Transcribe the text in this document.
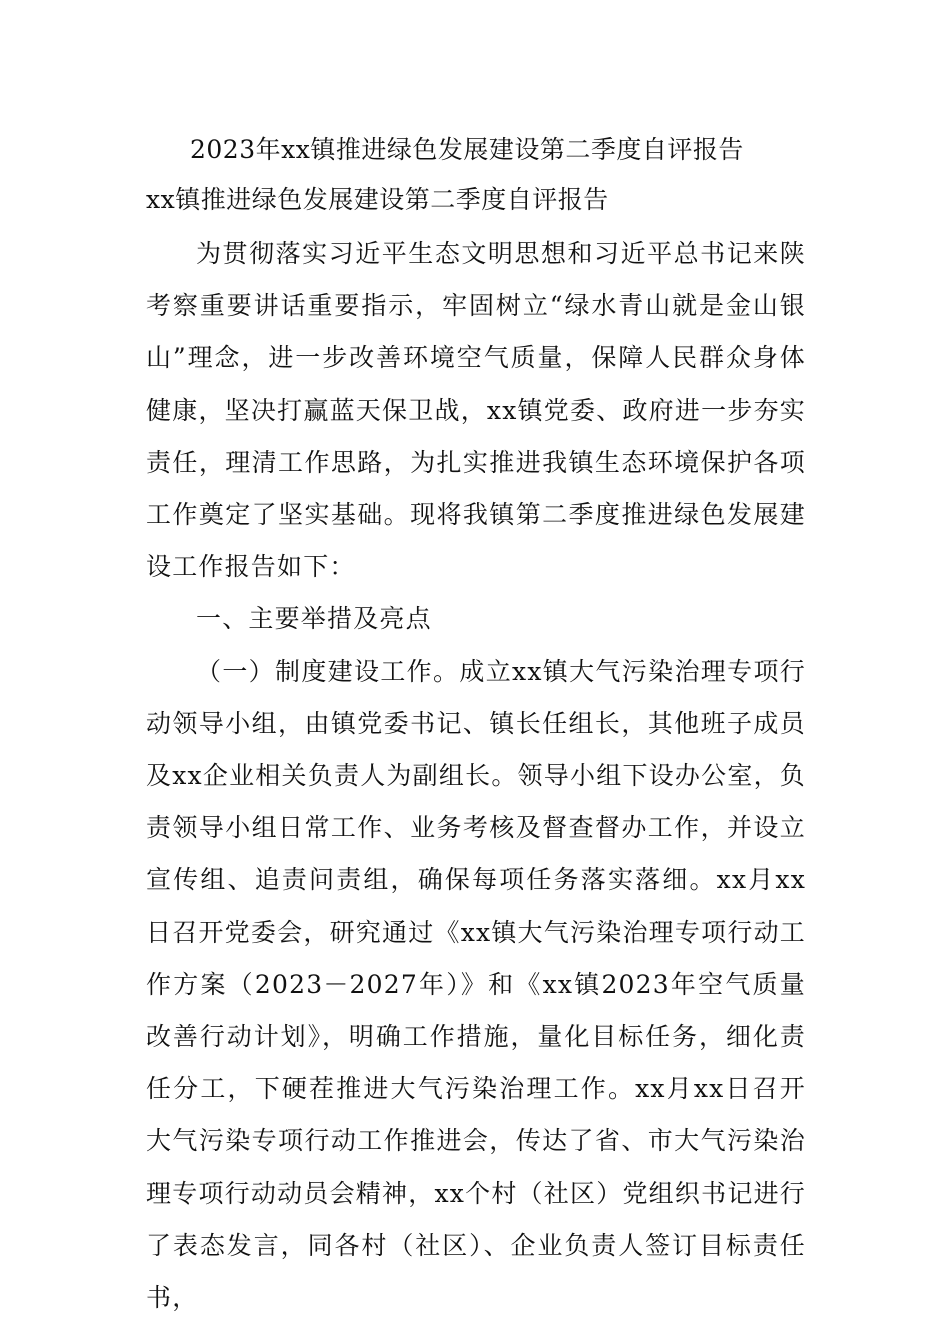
2023年xx镇推进绿色发展建设第二季度自评报告
xx镇推进绿色发展建设第二季度自评报告

为贯彻落实习近平生态文明思想和习近平总书记来陕考察重要讲话重要指示，牢固树立“绿水青山就是金山银山”理念，进一步改善环境空气质量，保障人民群众身体健康，坚决打赢蓝天保卫战，xx镇党委、政府进一步夯实责任，理清工作思路，为扎实推进我镇生态环境保护各项工作奠定了坚实基础。现将我镇第二季度推进绿色发展建设工作报告如下：

一、主要举措及亮点

（一）制度建设工作。成立xx镇大气污染治理专项行动领导小组，由镇党委书记、镇长任组长，其他班子成员及xx企业相关负责人为副组长。领导小组下设办公室，负责领导小组日常工作、业务考核及督查督办工作，并设立宣传组、追责问责组，确保每项任务落实落细。xx月xx日召开党委会，研究通过《xx镇大气污染治理专项行动工作方案（2023－2027年）》和《xx镇2023年空气质量改善行动计划》，明确工作措施，量化目标任务，细化责任分工，下硬茬推进大气污染治理工作。xx月xx日召开大气污染专项行动工作推进会，传达了省、市大气污染治理专项行动动员会精神，xx个村（社区）党组织书记进行了表态发言，同各村（社区）、企业负责人签订目标责任书，
